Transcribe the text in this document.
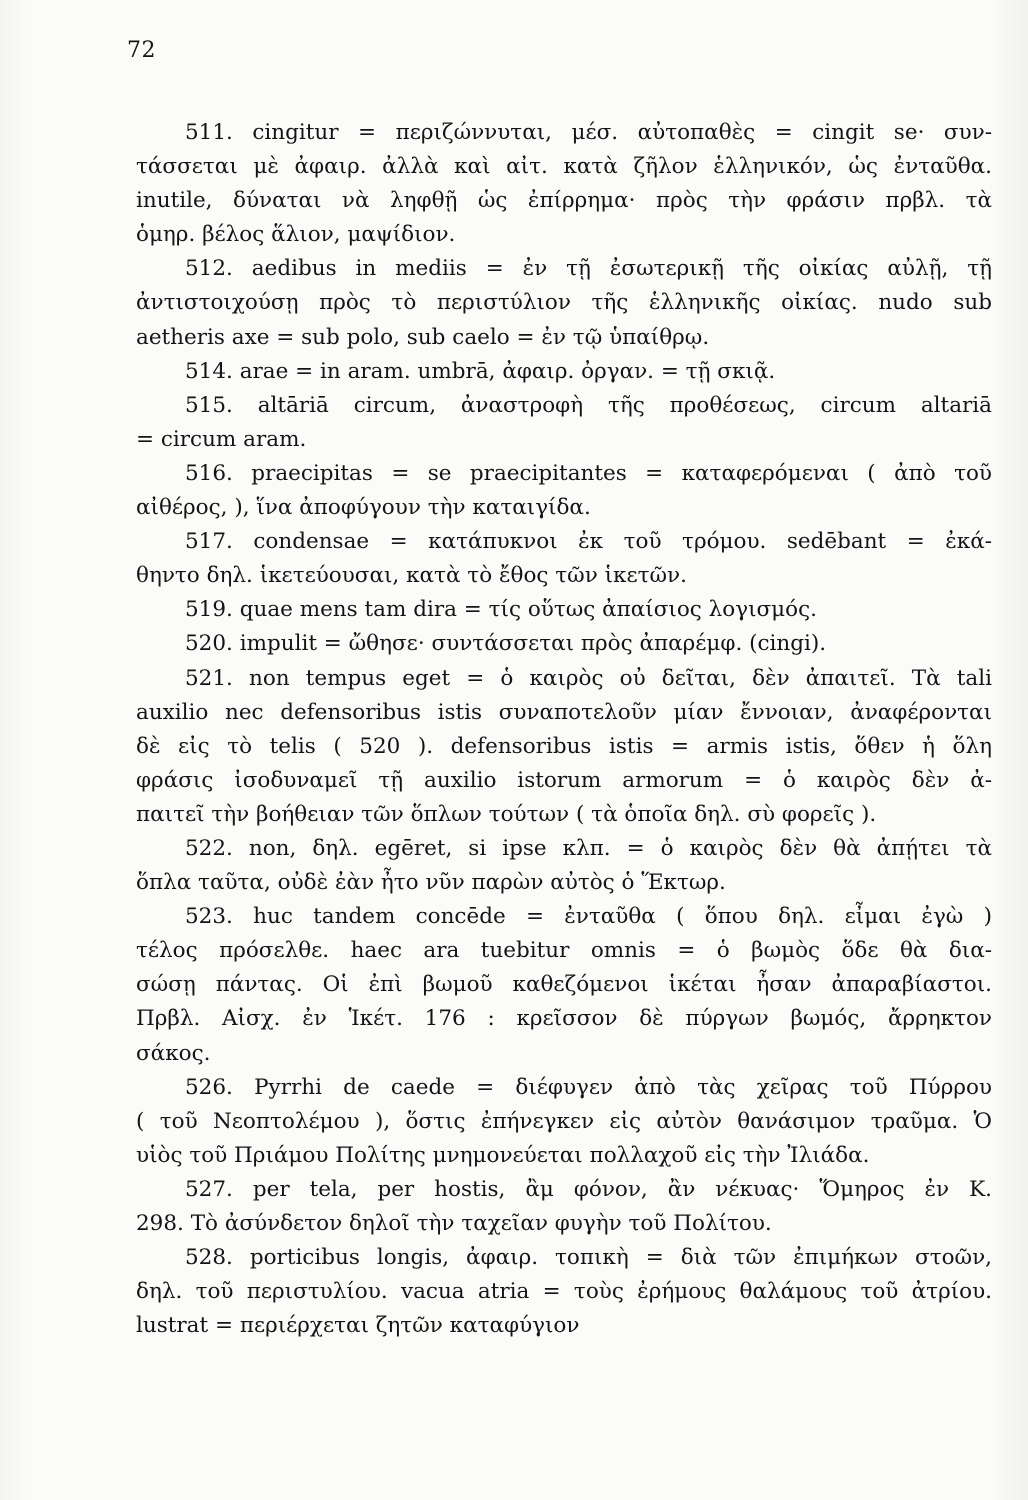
72
511. cingitur = περιζώννυται, μέσ. αὐτοπαθὲς = cingit se· συν-
τάσσεται μὲ ἀφαιρ. ἀλλὰ καὶ αἰτ. κατὰ ζῆλον ἑλληνικόν, ὡς ἐνταῦθα.
inutile, δύναται νὰ ληφθῇ ὡς ἐπίρρημα· πρὸς τὴν φράσιν πρβλ. τὰ
ὁμηρ. βέλος ἅλιον, μαψίδιον.
512. aedibus in mediis = ἐν τῇ ἐσωτερικῇ τῆς οἰκίας αὐλῇ, τῇ
ἀντιστοιχούσῃ πρὸς τὸ περιστύλιον τῆς ἑλληνικῆς οἰκίας. nudo sub
aetheris axe = sub polo, sub caelo = ἐν τῷ ὑπαίθρῳ.
514. arae = in aram. umbrā, ἀφαιρ. ὀργαν. = τῇ σκιᾷ.
515. altāriā circum, ἀναστροφὴ τῆς προθέσεως, circum altariā
= circum aram.
516. praecipitas = se praecipitantes = καταφερόμεναι ( ἀπὸ τοῦ
αἰθέρος, ), ἵνα ἀποφύγουν τὴν καταιγίδα.
517. condensae = κατάπυκνοι ἐκ τοῦ τρόμου. sedēbant = ἐκά-
θηντο δηλ. ἱκετεύουσαι, κατὰ τὸ ἔθος τῶν ἱκετῶν.
519. quae mens tam dira = τίς οὕτως ἀπαίσιος λογισμός.
520. impulit = ὤθησε· συντάσσεται πρὸς ἀπαρέμφ. (cingi).
521. non tempus eget = ὁ καιρὸς οὐ δεῖται, δὲν ἀπαιτεῖ. Τὰ tali
auxilio nec defensoribus istis συναποτελοῦν μίαν ἔννοιαν, ἀναφέρονται
δὲ εἰς τὸ telis ( 520 ). defensoribus istis = armis istis, ὅθεν ἡ ὅλη
φράσις ἰσοδυναμεῖ τῇ auxilio istorum armorum = ὁ καιρὸς δὲν ἀ-
παιτεῖ τὴν βοήθειαν τῶν ὅπλων τούτων ( τὰ ὁποῖα δηλ. σὺ φορεῖς ).
522. non, δηλ. egēret, si ipse κλπ. = ὁ καιρὸς δὲν θὰ ἀπῄτει τὰ
ὅπλα ταῦτα, οὐδὲ ἐὰν ἦτο νῦν παρὼν αὐτὸς ὁ Ἕκτωρ.
523. huc tandem concēde = ἐνταῦθα ( ὅπου δηλ. εἶμαι ἐγὼ )
τέλος πρόσελθε. haec ara tuebitur omnis = ὁ βωμὸς ὅδε θὰ δια-
σώσῃ πάντας. Οἱ ἐπὶ βωμοῦ καθεζόμενοι ἱκέται ἦσαν ἀπαραβίαστοι.
Πρβλ. Αἰσχ. ἐν Ἱκέτ. 176 : κρεῖσσον δὲ πύργων βωμός, ἄρρηκτον
σάκος.
526. Pyrrhi de caede = διέφυγεν ἀπὸ τὰς χεῖρας τοῦ Πύρρου
( τοῦ Νεοπτολέμου ), ὅστις ἐπήνεγκεν εἰς αὐτὸν θανάσιμον τραῦμα. Ὁ
υἱὸς τοῦ Πριάμου Πολίτης μνημονεύεται πολλαχοῦ εἰς τὴν Ἰλιάδα.
527. per tela, per hostis, ἂμ φόνον, ἂν νέκυας· Ὅμηρος ἐν Κ.
298. Τὸ ἀσύνδετον δηλοῖ τὴν ταχεῖαν φυγὴν τοῦ Πολίτου.
528. porticibus longis, ἀφαιρ. τοπικὴ = διὰ τῶν ἐπιμήκων στοῶν,
δηλ. τοῦ περιστυλίου. vacua atria = τοὺς ἐρήμους θαλάμους τοῦ ἀτρίου.
lustrat = περιέρχεται ζητῶν καταφύγιον
